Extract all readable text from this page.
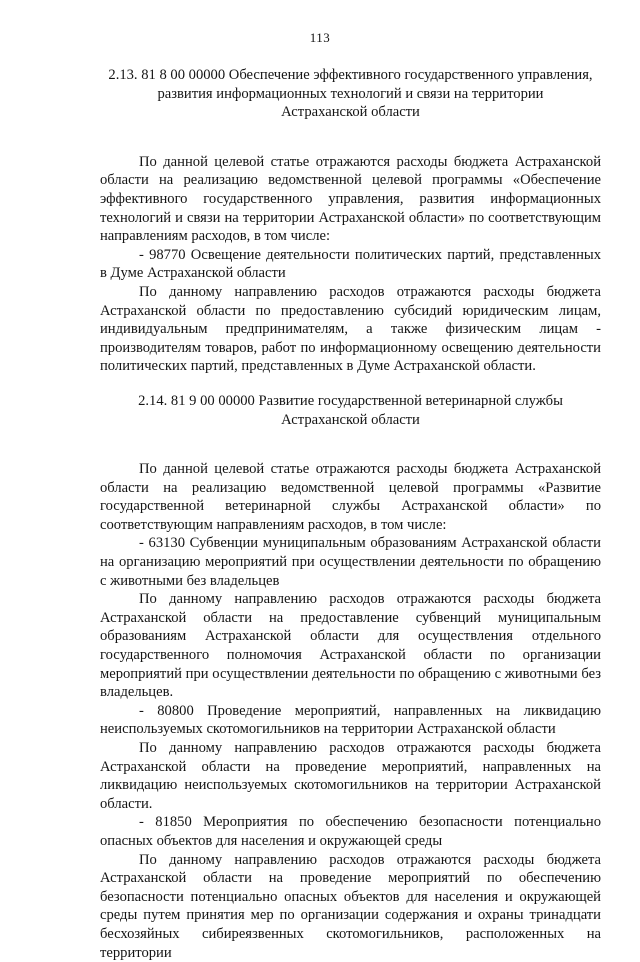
113
2.13. 81 8 00 00000 Обеспечение эффективного государственного управления,
развития информационных технологий и связи на территории
Астраханской области

По данной целевой статье отражаются расходы бюджета Астраханской области на реализацию ведомственной целевой программы «Обеспечение эффективного государственного управления, развития информационных технологий и связи на территории Астраханской области» по соответствующим направлениям расходов, в том числе:

- 98770 Освещение деятельности политических партий, представленных в Думе Астраханской области

По данному направлению расходов отражаются расходы бюджета Астраханской области по предоставлению субсидий юридическим лицам, индивидуальным предпринимателям, а также физическим лицам - производителям товаров, работ по информационному освещению деятельности политических партий, представленных в Думе Астраханской области.

2.14. 81 9 00 00000 Развитие государственной ветеринарной службы
Астраханской области

По данной целевой статье отражаются расходы бюджета Астраханской области на реализацию ведомственной целевой программы «Развитие государственной ветеринарной службы Астраханской области» по соответствующим направлениям расходов, в том числе:

- 63130 Субвенции муниципальным образованиям Астраханской области на организацию мероприятий при осуществлении деятельности по обращению с животными без владельцев

По данному направлению расходов отражаются расходы бюджета Астраханской области на предоставление субвенций муниципальным образованиям Астраханской области для осуществления отдельного государственного полномочия Астраханской области по организации мероприятий при осуществлении деятельности по обращению с животными без владельцев.

- 80800 Проведение мероприятий, направленных на ликвидацию неиспользуемых скотомогильников на территории Астраханской области

По данному направлению расходов отражаются расходы бюджета Астраханской области на проведение мероприятий, направленных на ликвидацию неиспользуемых скотомогильников на территории Астраханской области.

- 81850 Мероприятия по обеспечению безопасности потенциально опасных объектов для населения и окружающей среды

По данному направлению расходов отражаются расходы бюджета Астраханской области на проведение мероприятий по обеспечению безопасности потенциально опасных объектов для населения и окружающей среды путем принятия мер по организации содержания и охраны тринадцати бесхозяйных сибиреязвенных скотомогильников, расположенных на территории
